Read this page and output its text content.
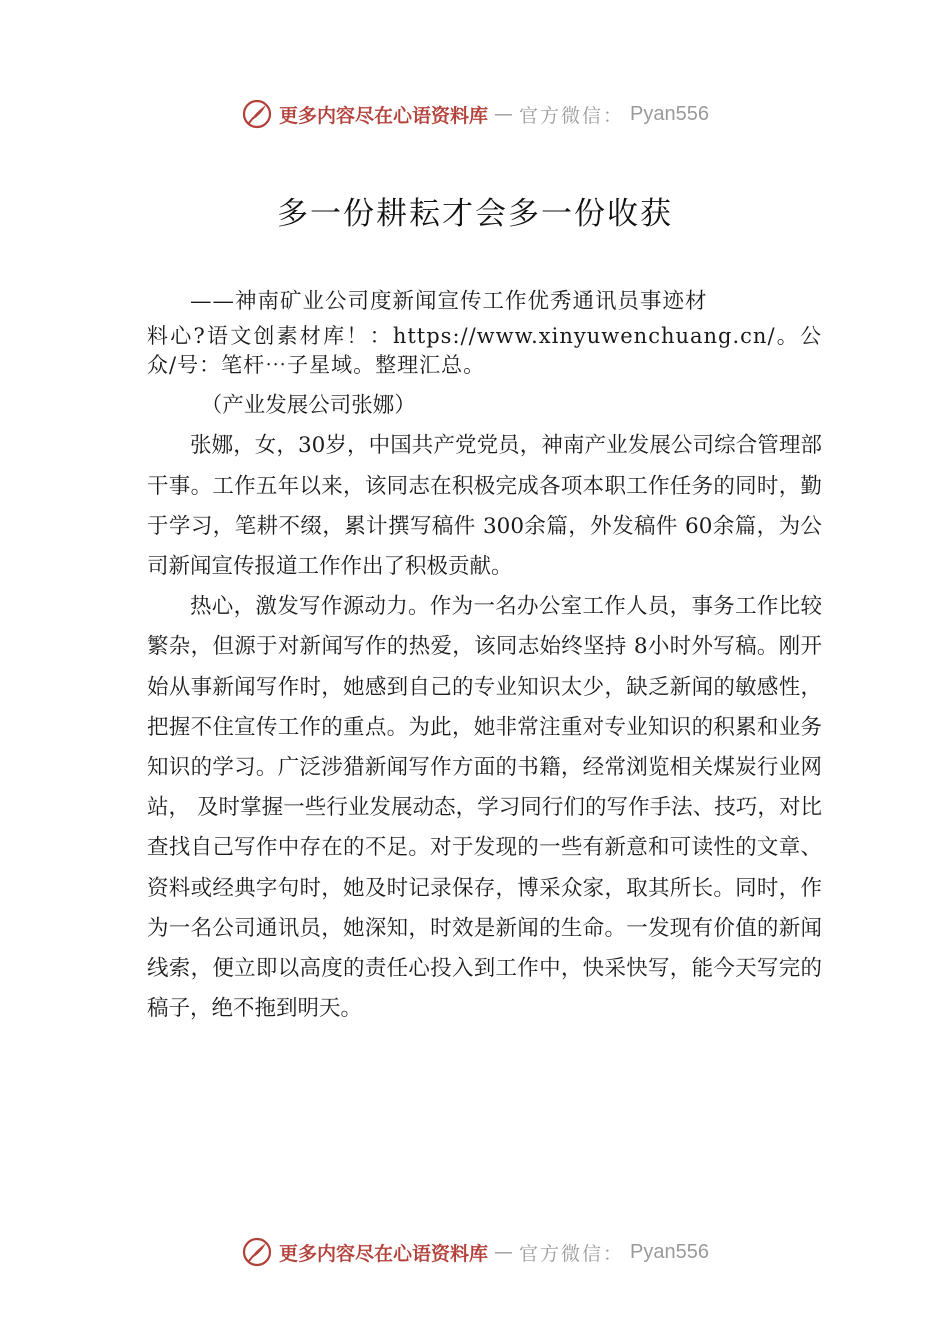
更多内容尽在心语资料库 — 官方微信： Pyan556
多一份耕耘才会多一份收获

——神南矿业公司度新闻宣传工作优秀通讯员事迹材

料心?语文创素材库！：https://www.xinyuwenchuang.cn/。公众/号：笔杆⋯子星域。整理汇总。

（产业发展公司张娜）

张娜，女，30岁，中国共产党党员，神南产业发展公司综合管理部干事。工作五年以来，该同志在积极完成各项本职工作任务的同时，勤于学习，笔耕不缀，累计撰写稿件 300余篇，外发稿件 60余篇，为公司新闻宣传报道工作作出了积极贡献。

热心，激发写作源动力。作为一名办公室工作人员，事务工作比较繁杂，但源于对新闻写作的热爱，该同志始终坚持 8小时外写稿。刚开始从事新闻写作时，她感到自己的专业知识太少，缺乏新闻的敏感性，把握不住宣传工作的重点。为此，她非常注重对专业知识的积累和业务知识的学习。广泛涉猎新闻写作方面的书籍，经常浏览相关煤炭行业网站， 及时掌握一些行业发展动态，学习同行们的写作手法、技巧，对比查找自己写作中存在的不足。对于发现的一些有新意和可读性的文章、资料或经典字句时，她及时记录保存，博采众家，取其所长。同时，作为一名公司通讯员，她深知，时效是新闻的生命。一发现有价值的新闻线索，便立即以高度的责任心投入到工作中，快采快写，能今天写完的稿子，绝不拖到明天。

更多内容尽在心语资料库 — 官方微信： Pyan556
